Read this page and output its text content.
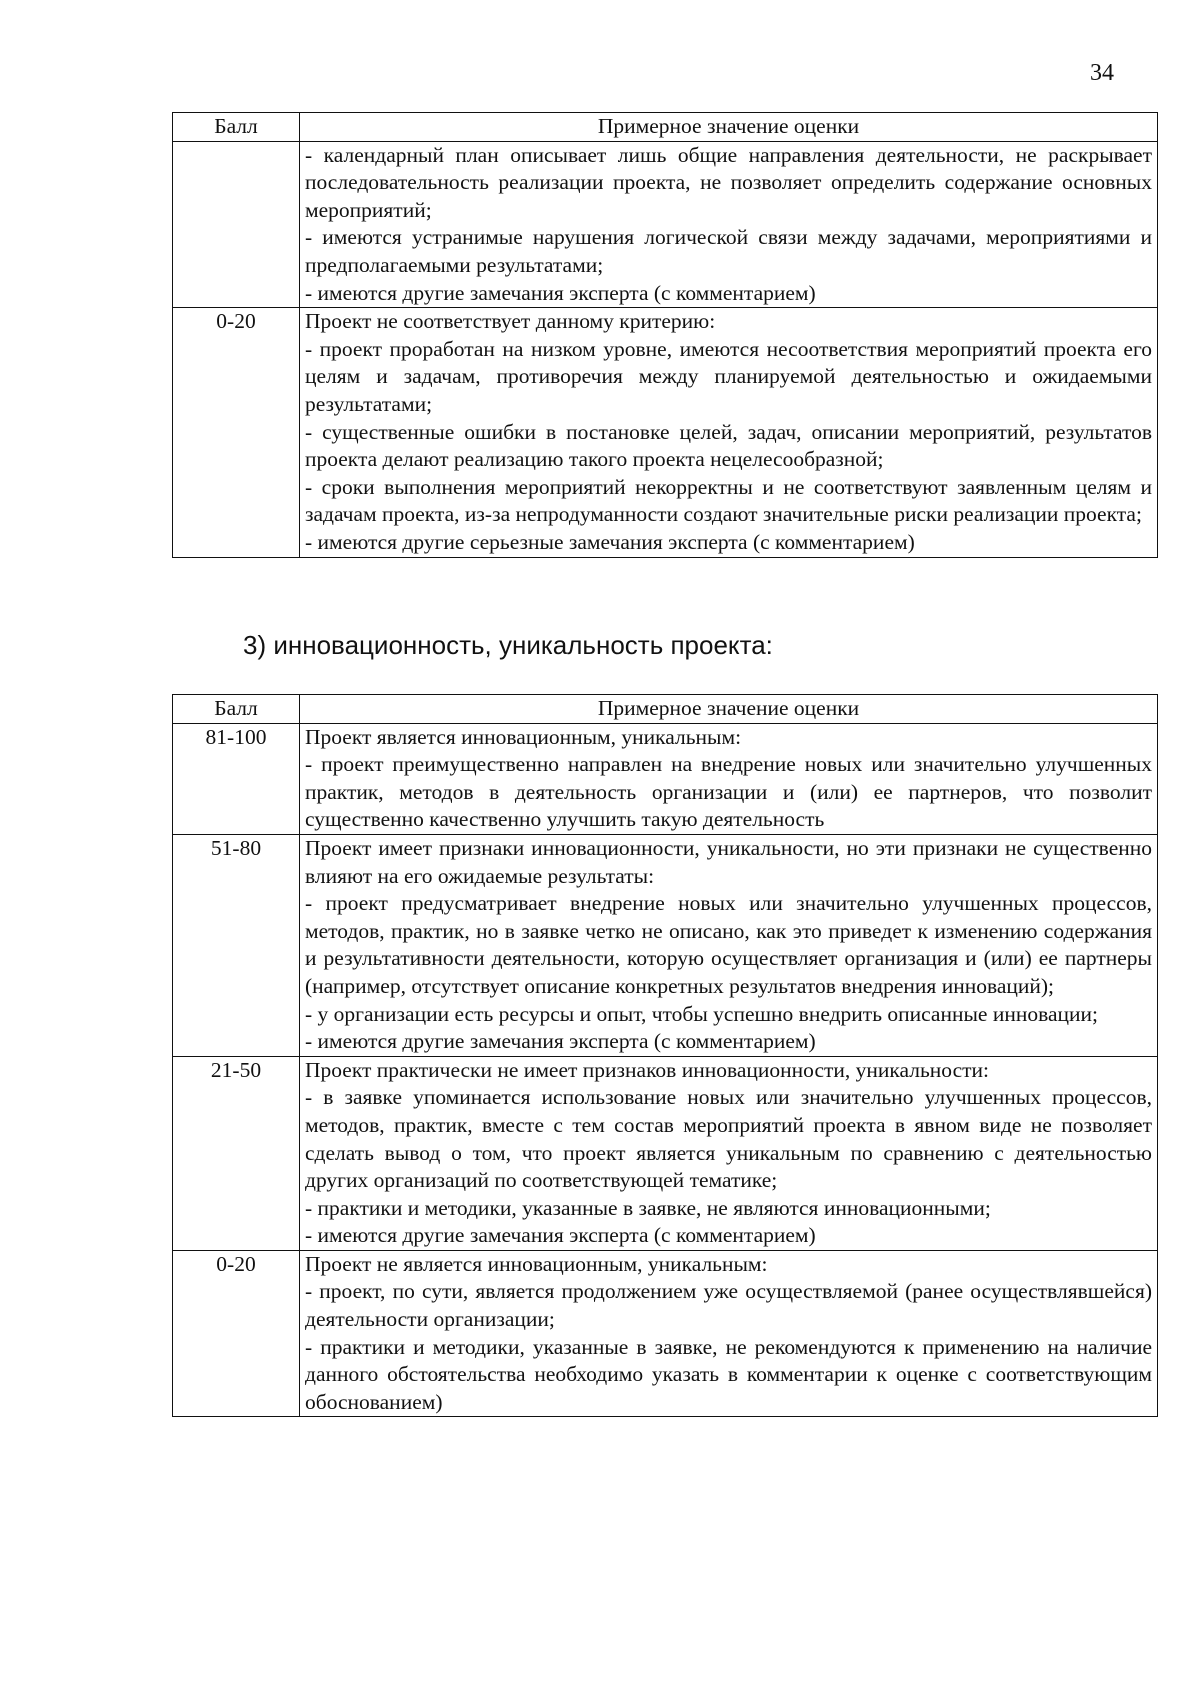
34
Балл	Примерное значение оценки

	- календарный план описывает лишь общие направления деятельности, не раскрывает последовательность реализации проекта, не позволяет определить содержание основных мероприятий;

- имеются устранимые нарушения логической связи между задачами, мероприятиями и предполагаемыми результатами;

- имеются другие замечания эксперта (с комментарием)

0-20	Проект не соответствует данному критерию:

- проект проработан на низком уровне, имеются несоответствия мероприятий проекта его целям и задачам, противоречия между планируемой деятельностью и ожидаемыми результатами;

- существенные ошибки в постановке целей, задач, описании мероприятий, результатов проекта делают реализацию такого проекта нецелесообразной;

- сроки выполнения мероприятий некорректны и не соответствуют заявленным целям и задачам проекта, из-за непродуманности создают значительные риски реализации проекта;

- имеются другие серьезные замечания эксперта (с комментарием)

3) инновационность, уникальность проекта:
Балл	Примерное значение оценки
81-100	Проект является инновационным, уникальным:

- проект преимущественно направлен на внедрение новых или значительно улучшенных практик, методов в деятельность организации и (или) ее партнеров, что позволит существенно качественно улучшить такую деятельность

51-80	Проект имеет признаки инновационности, уникальности, но эти признаки не существенно влияют на его ожидаемые результаты:

- проект предусматривает внедрение новых или значительно улучшенных процессов, методов, практик, но в заявке четко не описано, как это приведет к изменению содержания и результативности деятельности, которую осуществляет организация и (или) ее партнеры (например, отсутствует описание конкретных результатов внедрения инноваций);

- у организации есть ресурсы и опыт, чтобы успешно внедрить описанные инновации;

- имеются другие замечания эксперта (с комментарием)

21-50	Проект практически не имеет признаков инновационности, уникальности:

- в заявке упоминается использование новых или значительно улучшенных процессов, методов, практик, вместе с тем состав мероприятий проекта в явном виде не позволяет сделать вывод о том, что проект является уникальным по сравнению с деятельностью других организаций по соответствующей тематике;

- практики и методики, указанные в заявке, не являются инновационными;

- имеются другие замечания эксперта (с комментарием)

0-20	Проект не является инновационным, уникальным:

- проект, по сути, является продолжением уже осуществляемой (ранее осуществлявшейся) деятельности организации;

- практики и методики, указанные в заявке, не рекомендуются к применению на наличие данного обстоятельства необходимо указать в комментарии к оценке с соответствующим обоснованием)
